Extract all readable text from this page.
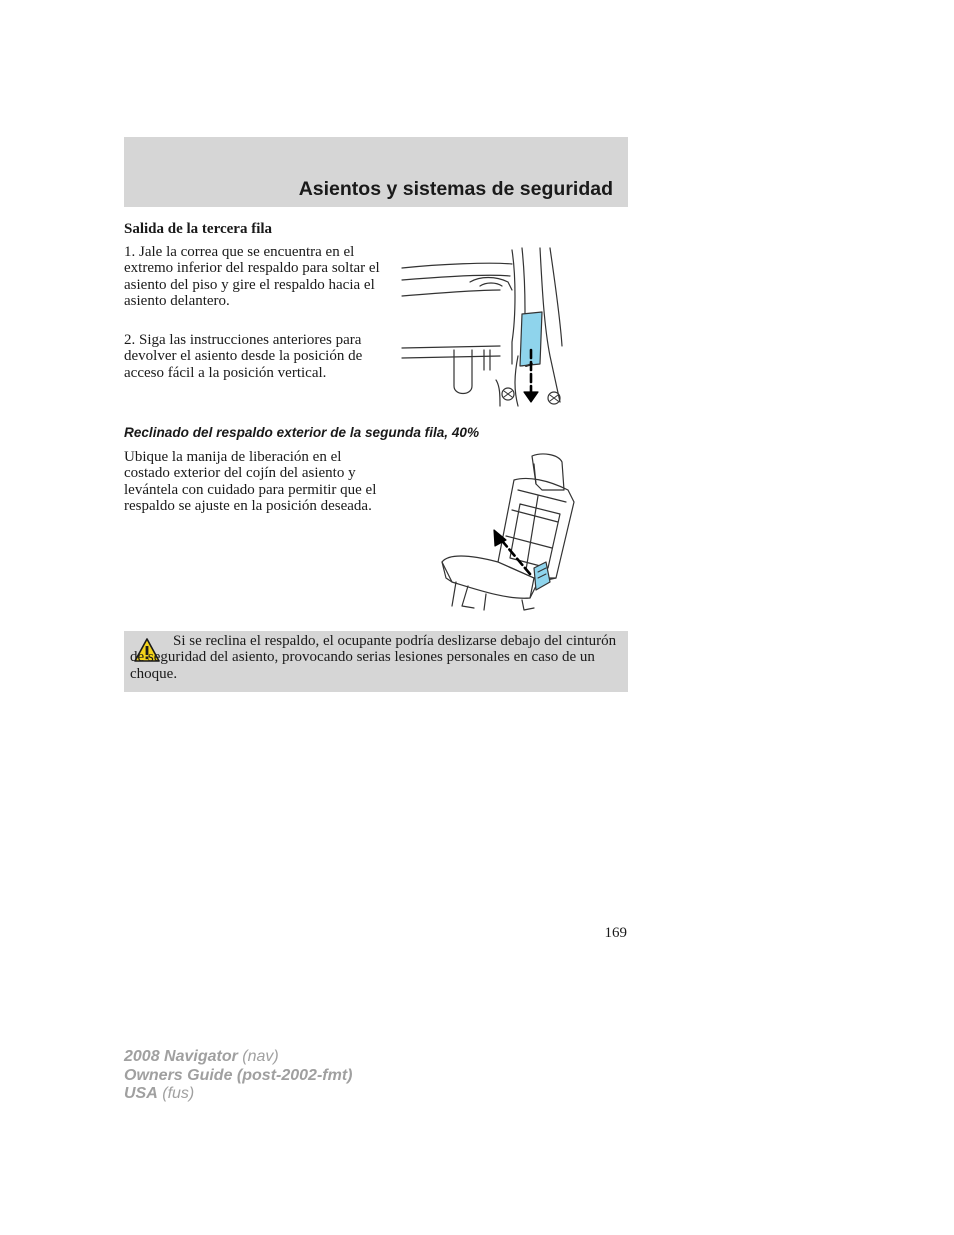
Asientos y sistemas de seguridad
Salida de la tercera fila

1. Jale la correa que se encuentra en el extremo inferior del respaldo para soltar el asiento del piso y gire el respaldo hacia el asiento delantero.

2. Siga las instrucciones anteriores para devolver el asiento desde la posición de acceso fácil a la posición vertical.

Reclinado del respaldo exterior de la segunda fila, 40%

Ubique la manija de liberación en el costado exterior del cojín del asiento y levántela con cuidado para permitir que el respaldo se ajuste en la posición deseada.

Si se reclina el respaldo, el ocupante podría deslizarse debajo del cinturón de seguridad del asiento, provocando serias lesiones personales en caso de un choque.

169
2008 Navigator (nav)
Owners Guide (post-2002-fmt)
USA (fus)
